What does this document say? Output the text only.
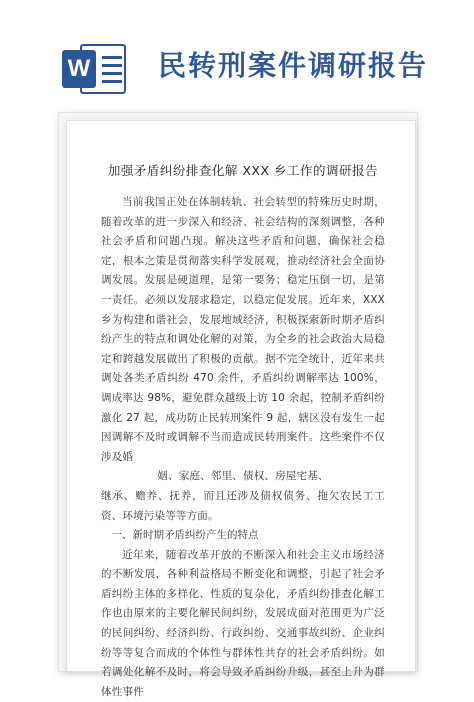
W 民转刑案件调研报告
加强矛盾纠纷排查化解 XXX 乡工作的调研报告

当前我国正处在体制转轨、社会转型的特殊历史时期，随着改革的进一步深入和经济、社会结构的深刻调整，各种社会矛盾和问题凸现。解决这些矛盾和问题，确保社会稳定，根本之策是贯彻落实科学发展观，推动经济社会全面协调发展。发展是硬道理，是第一要务；稳定压倒一切，是第一责任。必须以发展求稳定，以稳定促发展。近年来，XXX乡为构建和谐社会，发展地域经济，积极探索新时期矛盾纠纷产生的特点和调处化解的对策，为全乡的社会政治大局稳定和跨越发展做出了积极的贡献。据不完全统计，近年来共调处各类矛盾纠纷 470 余件，矛盾纠纷调解率达 100%，调成率达 98%，避免群众越级上访 10 余起，控制矛盾纠纷激化 27 起，成功防止民转刑案件 9 起，辖区没有发生一起因调解不及时或调解不当而造成民转刑案件。这些案件不仅涉及婚

姻、家庭、邻里、债权、房屋宅基、

继承、赡养、抚养，而且还涉及债权债务、拖欠农民工工资、环境污染等等方面。

一、新时期矛盾纠纷产生的特点

近年来，随着改革开放的不断深入和社会主义市场经济的不断发展，各种利益格局不断变化和调整，引起了社会矛盾纠纷主体的多样化、性质的复杂化，矛盾纠纷排查化解工作也由原来的主要化解民间纠纷，发展成面对范围更为广泛的民间纠纷、经济纠纷、行政纠纷、交通事故纠纷、企业纠纷等等复合而成的个体性与群体性共存的社会矛盾纠纷。如若调处化解不及时，将会导致矛盾纠纷升级，甚至上升为群体性事件
